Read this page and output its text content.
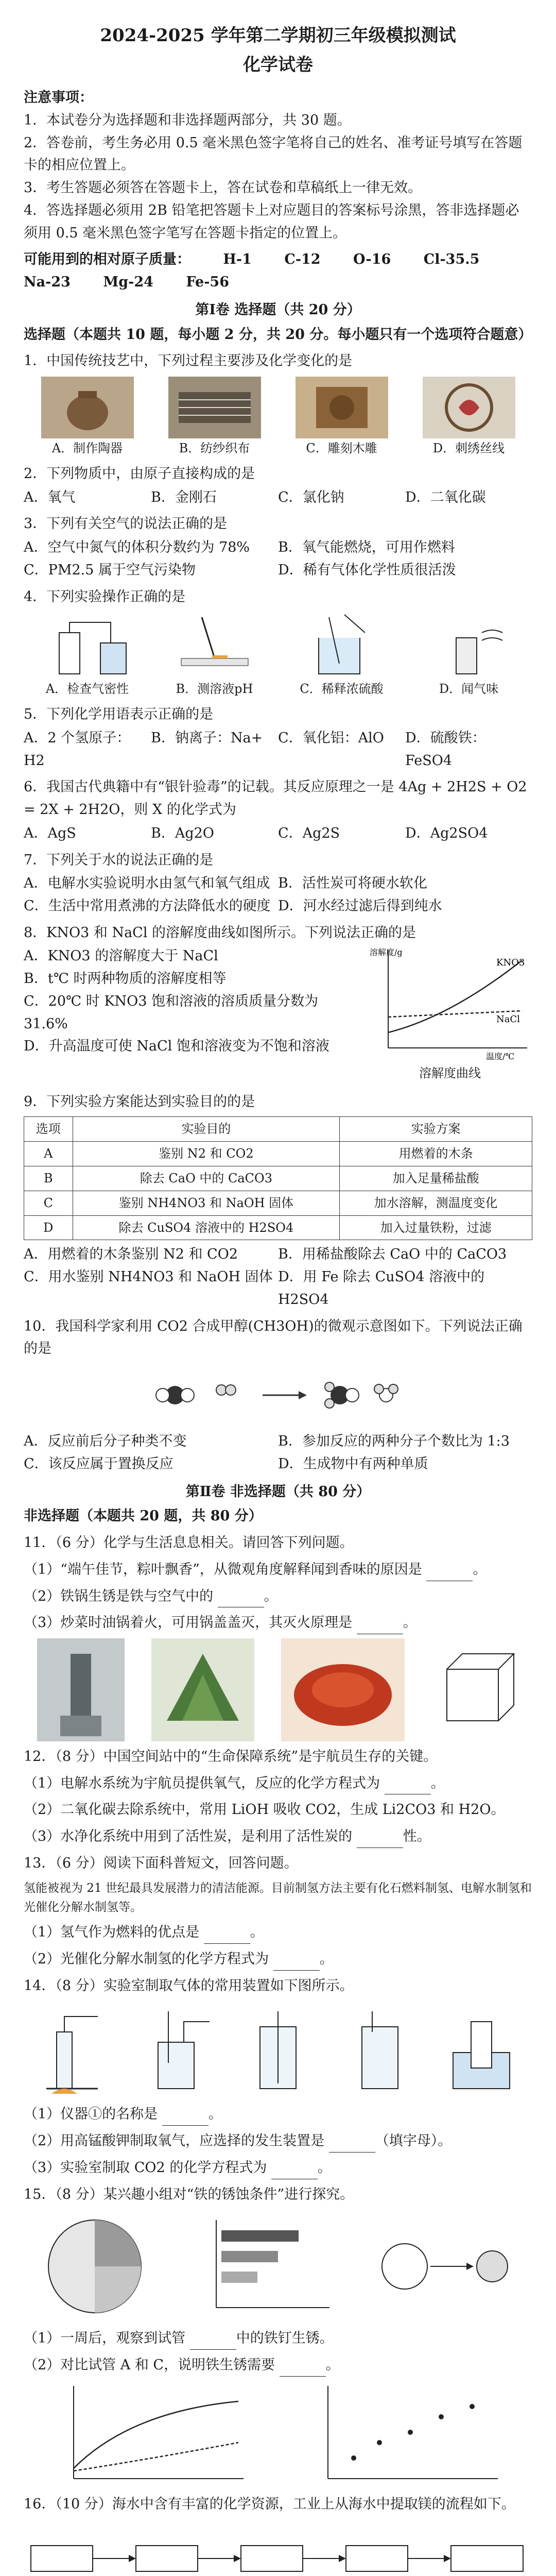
2024-2025 学年第二学期初三年级模拟测试
化学试卷
注意事项：

1．本试卷分为选择题和非选择题两部分，共 30 题。

2．答卷前，考生务必用 0.5 毫米黑色签字笔将自己的姓名、准考证号填写在答题卡的相应位置上。

3．考生答题必须答在答题卡上，答在试卷和草稿纸上一律无效。

4．答选择题必须用 2B 铅笔把答题卡上对应题目的答案标号涂黑，答非选择题必须用 0.5 毫米黑色签字笔写在答题卡指定的位置上。

可能用到的相对原子质量： H-1 C-12 O-16 Cl-35.5 Na-23 Mg-24 Fe-56
第Ⅰ卷 选择题（共 20 分）
选择题（本题共 10 题，每小题 2 分，共 20 分。每小题只有一个选项符合题意）
1．中国传统技艺中，下列过程主要涉及化学变化的是
A．制作陶器	B．纺纱织布	C．雕刻木雕	D．刺绣丝线
2．下列物质中，由原子直接构成的是
A．氧气	B．金刚石	C．氯化钠	D．二氧化碳
3．下列有关空气的说法正确的是
A．空气中氮气的体积分数约为 78%	B．氧气能燃烧，可用作燃料
C．PM2.5 属于空气污染物	D．稀有气体化学性质很活泼
4．下列实验操作正确的是
A．检查气密性	B．测溶液pH	C．稀释浓硫酸	D．闻气味
5．下列化学用语表示正确的是
A．2 个氢原子：H2
B．钠离子：Na+	C．氧化铝：AlO	D．硫酸铁：FeSO4
6．我国古代典籍中有“银针验毒”的记载。其反应原理之一是 4Ag + 2H2S + O2 = 2X + 2H2O，则 X 的化学式为
A．AgS	B．Ag2O	C．Ag2S	D．Ag2SO4
7．下列关于水的说法正确的是
A．电解水实验说明水由氢气和氧气组成 B．活性炭可将硬水软化
C．生活中常用煮沸的方法降低水的硬度 D．河水经过滤后得到纯水
8．KNO3 和 NaCl 的溶解度曲线如图所示。下列说法正确的是
KNO3
NaCl
溶解度/g
温度/℃
溶解度曲线
A．KNO3 的溶解度大于 NaCl
B．t℃ 时两种物质的溶解度相等
C．20℃ 时 KNO3 饱和溶液的溶质质量分数为 31.6%
D．升高温度可使 NaCl 饱和溶液变为不饱和溶液
9．下列实验方案能达到实验目的的是
选项	实验目的	实验方案
A	鉴别 N2 和 CO2	用燃着的木条
B	除去 CaO 中的 CaCO3	加入足量稀盐酸
C	鉴别 NH4NO3 和 NaOH 固体	加水溶解，测温度变化
D	除去 CuSO4 溶液中的 H2SO4	加入过量铁粉，过滤
A．用燃着的木条鉴别 N2 和 CO2	B．用稀盐酸除去 CaO 中的 CaCO3
C．用水鉴别 NH4NO3 和 NaOH 固体 D．用 Fe 除去 CuSO4 溶液中的 H2SO4
10．我国科学家利用 CO2 合成甲醇(CH3OH)的微观示意图如下。下列说法正确的是
A．反应前后分子种类不变	B．参加反应的两种分子个数比为 1:3
C．该反应属于置换反应	D．生成物中有两种单质
第Ⅱ卷 非选择题（共 80 分）
非选择题（本题共 20 题，共 80 分）
11．（6 分）化学与生活息息相关。请回答下列问题。
（1）“端午佳节，粽叶飘香”，从微观角度解释闻到香味的原因是	。
（2）铁锅生锈是铁与空气中的	。
（3）炒菜时油锅着火，可用锅盖盖灭，其灭火原理是	。
12．（8 分）中国空间站中的“生命保障系统”是宇航员生存的关键。
（1）电解水系统为宇航员提供氧气，反应的化学方程式为	。
（2）二氧化碳去除系统中，常用 LiOH 吸收 CO2，生成 Li2CO3 和 H2O。
（3）水净化系统中用到了活性炭，是利用了活性炭的	性。
13．（6 分）阅读下面科普短文，回答问题。
氢能被视为 21 世纪最具发展潜力的清洁能源。目前制氢方法主要有化石燃料制氢、电解水制氢和光催化分解水制氢等。
（1）氢气作为燃料的优点是	。
（2）光催化分解水制氢的化学方程式为	。
14．（8 分）实验室制取气体的常用装置如下图所示。
（1）仪器①的名称是	。
（2）用高锰酸钾制取氧气，应选择的发生装置是	（填字母）。
（3）实验室制取 CO2 的化学方程式为	。
15．（8 分）某兴趣小组对“铁的锈蚀条件”进行探究。
（1）一周后，观察到试管	中的铁钉生锈。
（2）对比试管 A 和 C，说明铁生锈需要	。
16．（10 分）海水中含有丰富的化学资源，工业上从海水中提取镁的流程如下。
